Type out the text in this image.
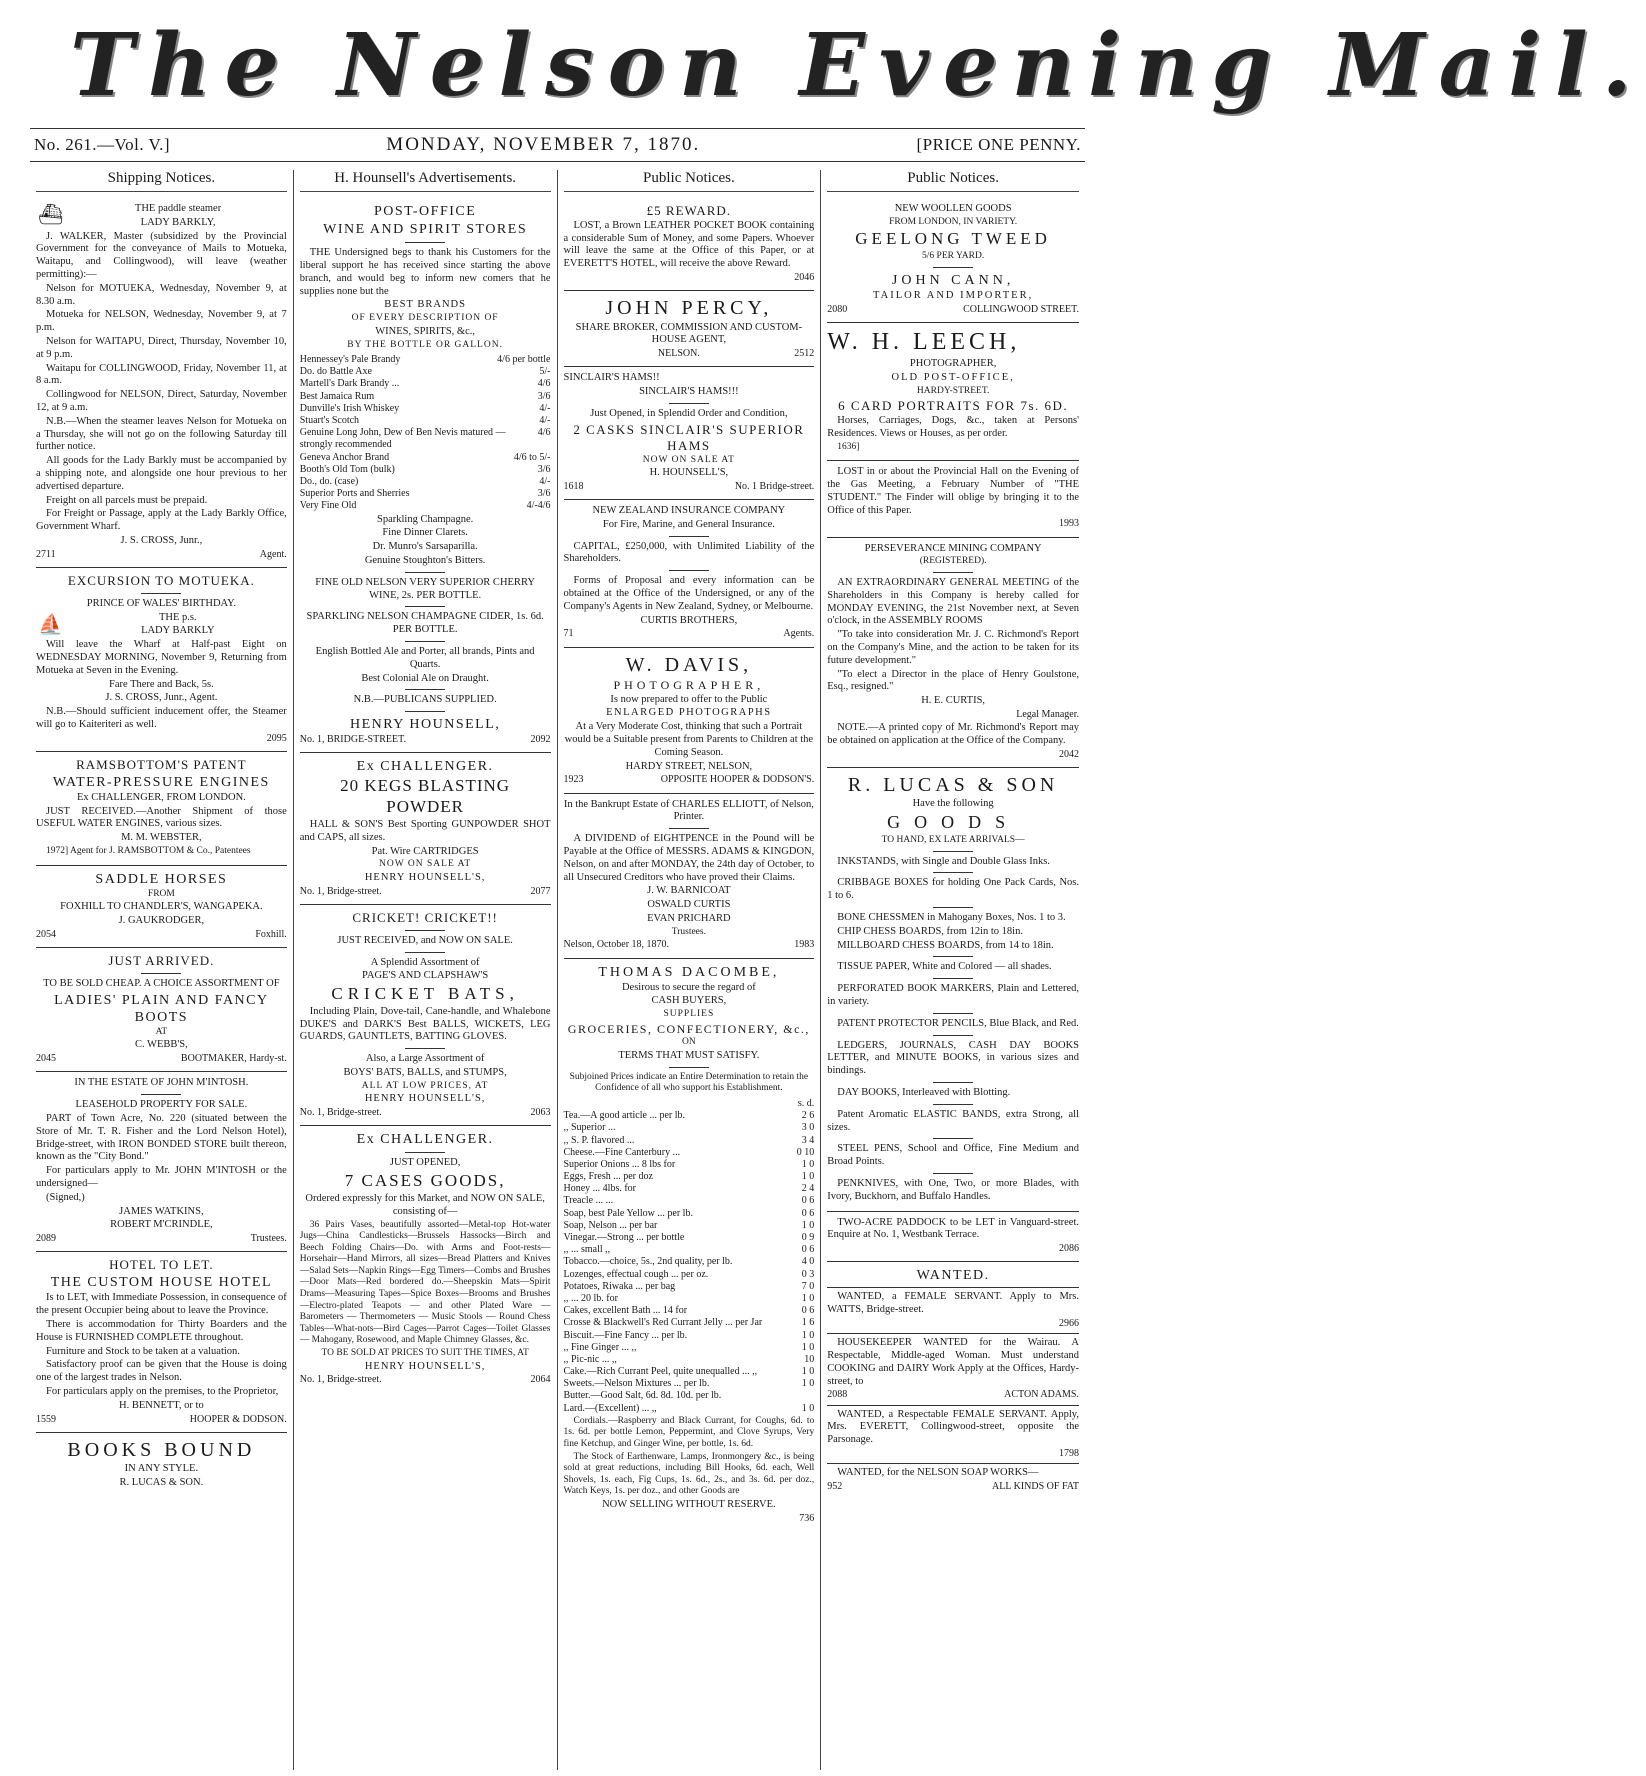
The Nelson Evening Mail.
No. 261.—Vol. V.]	MONDAY, NOVEMBER 7, 1870.	[PRICE ONE PENNY.
Shipping Notices.
⛴	THE paddle steamer

LADY BARKLY,

J. WALKER, Master (subsidized by the Provincial Government for the conveyance of Mails to Motueka, Waitapu, and Collingwood), will leave (weather permitting):—

Nelson for MOTUEKA, Wednesday, November 9, at 8.30 a.m.

Motueka for NELSON, Wednesday, November 9, at 7 p.m.

Nelson for WAITAPU, Direct, Thursday, November 10, at 9 p.m.

Waitapu for COLLINGWOOD, Friday, November 11, at 8 a.m.

Collingwood for NELSON, Direct, Saturday, November 12, at 9 a.m.

N.B.—When the steamer leaves Nelson for Motueka on a Thursday, she will not go on the following Saturday till further notice.

All goods for the Lady Barkly must be accompanied by a shipping note, and alongside one hour previous to her advertised departure.

Freight on all parcels must be prepaid.

For Freight or Passage, apply at the Lady Barkly Office, Government Wharf.

J. S. CROSS, Junr.,

2711	Agent.

EXCURSION TO MOTUEKA.

PRINCE OF WALES' BIRTHDAY.

⛵	THE p.s.

LADY BARKLY

Will leave the Wharf at Half-past Eight on WEDNESDAY MORNING, November 9, Returning from Motueka at Seven in the Evening.

Fare There and Back, 5s.

J. S. CROSS, Junr., Agent.

N.B.—Should sufficient inducement offer, the Steamer will go to Kaiteriteri as well.

2095

RAMSBOTTOM'S PATENT

WATER-PRESSURE ENGINES

Ex CHALLENGER, FROM LONDON.

JUST RECEIVED.—Another Shipment of those USEFUL WATER ENGINES, various sizes.

M. M. WEBSTER,

1972] Agent for J. RAMSBOTTOM & Co., Patentees

SADDLE HORSES

FROM

FOXHILL TO CHANDLER'S, WANGAPEKA.

J. GAUKRODGER,

2054	Foxhill.

JUST ARRIVED.

TO BE SOLD CHEAP. A CHOICE ASSORTMENT OF

LADIES' PLAIN AND FANCY BOOTS

AT

C. WEBB'S,

2045	BOOTMAKER, Hardy-st.

IN THE ESTATE OF JOHN M'INTOSH.

LEASEHOLD PROPERTY FOR SALE.

PART of Town Acre, No. 220 (situated between the Store of Mr. T. R. Fisher and the Lord Nelson Hotel), Bridge-street, with IRON BONDED STORE built thereon, known as the "City Bond."

For particulars apply to Mr. JOHN M'INTOSH or the undersigned—

(Signed,)

JAMES WATKINS,

ROBERT M'CRINDLE,

2089	Trustees.

HOTEL TO LET.

THE CUSTOM HOUSE HOTEL

Is to LET, with Immediate Possession, in consequence of the present Occupier being about to leave the Province.

There is accommodation for Thirty Boarders and the House is FURNISHED COMPLETE throughout.

Furniture and Stock to be taken at a valuation.

Satisfactory proof can be given that the House is doing one of the largest trades in Nelson.

For particulars apply on the premises, to the Proprietor,

H. BENNETT, or to

1559	HOOPER & DODSON.

BOOKS BOUND

IN ANY STYLE.

R. LUCAS & SON.

H. Hounsell's Advertisements.

POST-OFFICE

WINE AND SPIRIT STORES

THE Undersigned begs to thank his Customers for the liberal support he has received since starting the above branch, and would beg to inform new comers that he supplies none but the

BEST BRANDS

OF EVERY DESCRIPTION OF

WINES, SPIRITS, &c.,

BY THE BOTTLE OR GALLON.

Hennessey's Pale Brandy	4/6 per bottle
Do. do Battle Axe	5/-
Martell's Dark Brandy ...	4/6
Best Jamaica Rum	3/6
Dunville's Irish Whiskey	4/-
Stuart's Scotch	4/-
Genuine Long John, Dew of Ben Nevis matured — strongly recommended
4/6
Geneva Anchor Brand	4/6 to 5/-
Booth's Old Tom (bulk)	3/6
Do., do. (case)	4/-
Superior Ports and Sherries	3/6
Very Fine Old	4/-4/6

Sparkling Champagne.

Fine Dinner Clarets.

Dr. Munro's Sarsaparilla.

Genuine Stoughton's Bitters.

FINE OLD NELSON VERY SUPERIOR CHERRY WINE, 2s. PER BOTTLE.

SPARKLING NELSON CHAMPAGNE CIDER, 1s. 6d. PER BOTTLE.

English Bottled Ale and Porter, all brands, Pints and Quarts.

Best Colonial Ale on Draught.

N.B.—PUBLICANS SUPPLIED.

HENRY HOUNSELL,

No. 1, BRIDGE-STREET.	2092

Ex CHALLENGER.

20 KEGS BLASTING POWDER

HALL & SON'S Best Sporting GUNPOWDER SHOT and CAPS, all sizes.

Pat. Wire CARTRIDGES

NOW ON SALE AT

HENRY HOUNSELL'S,

No. 1, Bridge-street.	2077

CRICKET! CRICKET!!

JUST RECEIVED, and NOW ON SALE.

A Splendid Assortment of

PAGE'S AND CLAPSHAW'S

CRICKET BATS,

Including Plain, Dove-tail, Cane-handle, and Whalebone DUKE'S and DARK'S Best BALLS, WICKETS, LEG GUARDS, GAUNTLETS, BATTING GLOVES.

Also, a Large Assortment of

BOYS' BATS, BALLS, and STUMPS,

ALL AT LOW PRICES, AT

HENRY HOUNSELL'S,

No. 1, Bridge-street.	2063

Ex CHALLENGER.

JUST OPENED,

7 CASES GOODS,

Ordered expressly for this Market, and NOW ON SALE, consisting of—

36 Pairs Vases, beautifully assorted—Metal-top Hot-water Jugs—China Candlesticks—Brussels Hassocks—Birch and Beech Folding Chairs—Do. with Arms and Foot-rests—Horsehair—Hand Mirrors, all sizes—Bread Platters and Knives—Salad Sets—Napkin Rings—Egg Timers—Combs and Brushes—Door Mats—Red bordered do.—Sheepskin Mats—Spirit Drams—Measuring Tapes—Spice Boxes—Brooms and Brushes—Electro-plated Teapots — and other Plated Ware — Barometers — Thermometers — Music Stools — Round Chess Tables—What-nots—Bird Cages—Parrot Cages—Toilet Glasses — Mahogany, Rosewood, and Maple Chimney Glasses, &c.

TO BE SOLD AT PRICES TO SUIT THE TIMES, AT

HENRY HOUNSELL'S,

No. 1, Bridge-street.	2064
Public Notices.

£5 REWARD.

LOST, a Brown LEATHER POCKET BOOK containing a considerable Sum of Money, and some Papers. Whoever will leave the same at the Office of this Paper, or at EVERETT'S HOTEL, will receive the above Reward.

2046

JOHN PERCY,

SHARE BROKER, COMMISSION AND CUSTOM-HOUSE AGENT,

NELSON.	2512

SINCLAIR'S HAMS!!

SINCLAIR'S HAMS!!!

Just Opened, in Splendid Order and Condition,

2 CASKS SINCLAIR'S SUPERIOR HAMS

NOW ON SALE AT

H. HOUNSELL'S,

1618	No. 1 Bridge-street.

NEW ZEALAND INSURANCE COMPANY

For Fire, Marine, and General Insurance.

CAPITAL, £250,000, with Unlimited Liability of the Shareholders.

Forms of Proposal and every information can be obtained at the Office of the Undersigned, or any of the Company's Agents in New Zealand, Sydney, or Melbourne.

CURTIS BROTHERS,

71	Agents.

W. DAVIS,

PHOTOGRAPHER,

Is now prepared to offer to the Public

ENLARGED PHOTOGRAPHS

At a Very Moderate Cost, thinking that such a Portrait would be a Suitable present from Parents to Children at the Coming Season.

HARDY STREET, NELSON,

1923	OPPOSITE HOOPER & DODSON'S.

In the Bankrupt Estate of CHARLES ELLIOTT, of Nelson, Printer.

A DIVIDEND of EIGHTPENCE in the Pound will be Payable at the Office of MESSRS. ADAMS & KINGDON, Nelson, on and after MONDAY, the 24th day of October, to all Unsecured Creditors who have proved their Claims.

J. W. BARNICOAT

OSWALD CURTIS

EVAN PRICHARD

Trustees.

Nelson, October 18, 1870.	1983

THOMAS DACOMBE,

Desirous to secure the regard of

CASH BUYERS,

SUPPLIES

GROCERIES, CONFECTIONERY, &c.,

ON

TERMS THAT MUST SATISFY.

Subjoined Prices indicate an Entire Determination to retain the Confidence of all who support his Establishment.

s. d.
Tea.—A good article ... per lb.	2 6
,, Superior ...	3 0
,, S. P. flavored ...	3 4
Cheese.—Fine Canterbury ...	0 10
Superior Onions ... 8 lbs for	1 0
Eggs, Fresh ... per doz	1 0
Honey ... 4lbs. for	2 4
Treacle ... ...	0 6
Soap, best Pale Yellow ... per lb.	0 6
Soap, Nelson ... per bar	1 0
Vinegar.—Strong ... per bottle	0 9
,, ... small ,,	0 6
Tobacco.—choice, 5s., 2nd quality, per lb.	4 0
Lozenges, effectual cough ... per oz.	0 3
Potatoes, Riwaka ... per bag	7 0
,, ... 20 lb. for	1 0
Cakes, excellent Bath ... 14 for	0 6
Crosse & Blackwell's Red Currant Jelly ... per Jar	1 6
Biscuit.—Fine Fancy ... per lb.	1 0
,, Fine Ginger ... ,,	1 0
,, Pic-nic ... ,,	10
Cake.—Rich Currant Peel, quite unequalled ... ,,	1 0
Sweets.—Nelson Mixtures ... per lb.	1 0
Butter.—Good Salt, 6d. 8d. 10d. per lb.
Lard.—(Excellent) ... ,,	1 0

Cordials.—Raspberry and Black Currant, for Coughs, 6d. to 1s. 6d. per bottle Lemon, Peppermint, and Clove Syrups, Very fine Ketchup, and Ginger Wine, per bottle, 1s. 6d.

The Stock of Earthenware, Lamps, Ironmongery &c., is being sold at great reductions, including Bill Hooks, 6d. each, Well Shovels, 1s. each, Fig Cups, 1s. 6d., 2s., and 3s. 6d. per doz., Watch Keys, 1s. per doz., and other Goods are

NOW SELLING WITHOUT RESERVE.

736
Public Notices.

NEW WOOLLEN GOODS

FROM LONDON, IN VARIETY.

GEELONG TWEED

5/6 PER YARD.

JOHN CANN,

TAILOR AND IMPORTER,

2080	COLLINGWOOD STREET.

W. H. LEECH,

PHOTOGRAPHER,

OLD POST-OFFICE,

HARDY-STREET.

6 CARD PORTRAITS FOR 7s. 6D.

Horses, Carriages, Dogs, &c., taken at Persons' Residences. Views or Houses, as per order.

1636]

LOST in or about the Provincial Hall on the Evening of the Gas Meeting, a February Number of "THE STUDENT." The Finder will oblige by bringing it to the Office of this Paper.

1993

PERSEVERANCE MINING COMPANY

(REGISTERED).

AN EXTRAORDINARY GENERAL MEETING of the Shareholders in this Company is hereby called for MONDAY EVENING, the 21st November next, at Seven o'clock, in the ASSEMBLY ROOMS

"To take into consideration Mr. J. C. Richmond's Report on the Company's Mine, and the action to be taken for its future development."

"To elect a Director in the place of Henry Goulstone, Esq., resigned."

H. E. CURTIS,

Legal Manager.

NOTE.—A printed copy of Mr. Richmond's Report may be obtained on application at the Office of the Company.

2042

R. LUCAS & SON

Have the following

GOODS

TO HAND, EX LATE ARRIVALS—

INKSTANDS, with Single and Double Glass Inks.

CRIBBAGE BOXES for holding One Pack Cards, Nos. 1 to 6.

BONE CHESSMEN in Mahogany Boxes, Nos. 1 to 3.

CHIP CHESS BOARDS, from 12in to 18in.

MILLBOARD CHESS BOARDS, from 14 to 18in.

TISSUE PAPER, White and Colored — all shades.

PERFORATED BOOK MARKERS, Plain and Lettered, in variety.

PATENT PROTECTOR PENCILS, Blue Black, and Red.

LEDGERS, JOURNALS, CASH DAY BOOKS LETTER, and MINUTE BOOKS, in various sizes and bindings.

DAY BOOKS, Interleaved with Blotting.

Patent Aromatic ELASTIC BANDS, extra Strong, all sizes.

STEEL PENS, School and Office, Fine Medium and Broad Points.

PENKNIVES, with One, Two, or more Blades, with Ivory, Buckhorn, and Buffalo Handles.

TWO-ACRE PADDOCK to be LET in Vanguard-street. Enquire at No. 1, Westbank Terrace.

2086

WANTED.

WANTED, a FEMALE SERVANT. Apply to Mrs. WATTS, Bridge-street.

2966

HOUSEKEEPER WANTED for the Wairau. A Respectable, Middle-aged Woman. Must understand COOKING and DAIRY Work Apply at the Offices, Hardy-street, to

2088	ACTON ADAMS.

WANTED, a Respectable FEMALE SERVANT. Apply, Mrs. EVERETT, Collingwood-street, opposite the Parsonage.

1798

WANTED, for the NELSON SOAP WORKS—

952	ALL KINDS OF FAT
